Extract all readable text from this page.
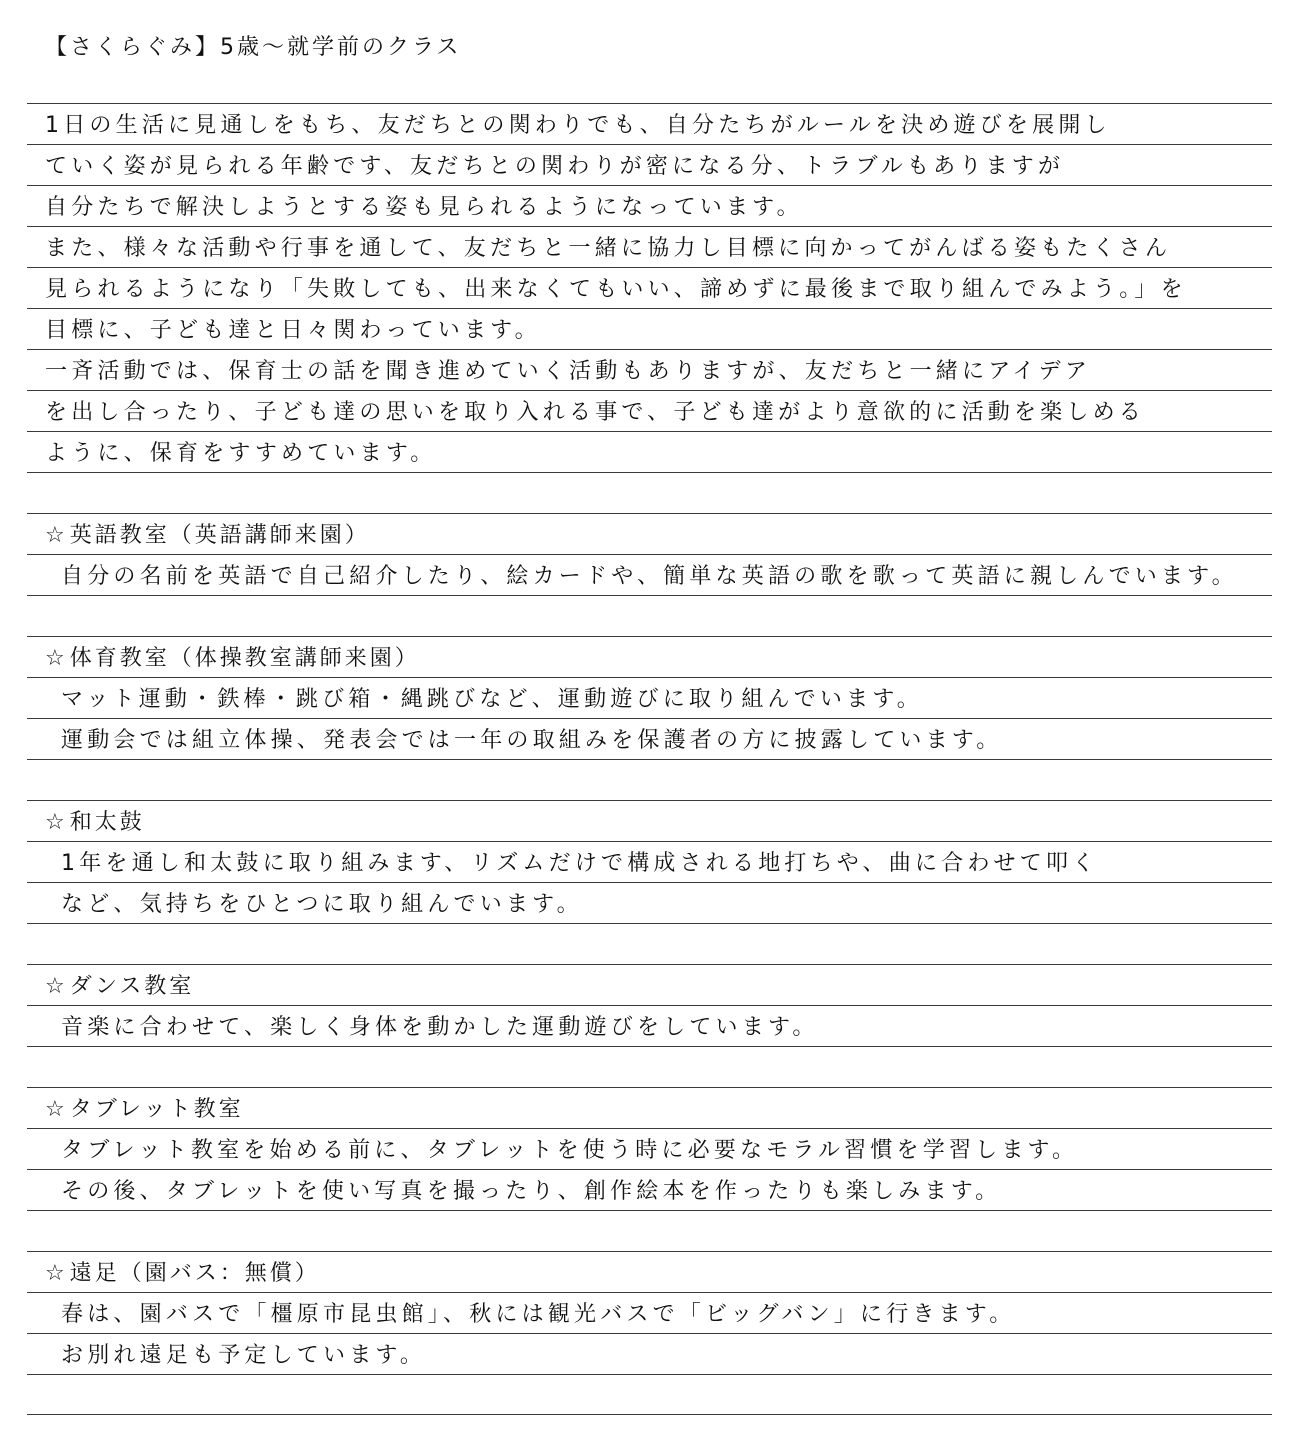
【さくらぐみ】5歳～就学前のクラス
1日の生活に見通しをもち、友だちとの関わりでも、自分たちがルールを決め遊びを展開し
ていく姿が見られる年齢です、友だちとの関わりが密になる分、トラブルもありますが
自分たちで解決しようとする姿も見られるようになっています。
また、様々な活動や行事を通して、友だちと一緒に協力し目標に向かってがんばる姿もたくさん
見られるようになり「失敗しても、出来なくてもいい、諦めずに最後まで取り組んでみよう。」を
目標に、子ども達と日々関わっています。
一斉活動では、保育士の話を聞き進めていく活動もありますが、友だちと一緒にアイデア
を出し合ったり、子ども達の思いを取り入れる事で、子ども達がより意欲的に活動を楽しめる
ように、保育をすすめています。
☆英語教室（英語講師来園）
自分の名前を英語で自己紹介したり、絵カードや、簡単な英語の歌を歌って英語に親しんでいます。
☆体育教室（体操教室講師来園）
マット運動・鉄棒・跳び箱・縄跳びなど、運動遊びに取り組んでいます。
運動会では組立体操、発表会では一年の取組みを保護者の方に披露しています。
☆和太鼓
1年を通し和太鼓に取り組みます、リズムだけで構成される地打ちや、曲に合わせて叩く
など、気持ちをひとつに取り組んでいます。
☆ダンス教室
音楽に合わせて、楽しく身体を動かした運動遊びをしています。
☆タブレット教室
タブレット教室を始める前に、タブレットを使う時に必要なモラル習慣を学習します。
その後、タブレットを使い写真を撮ったり、創作絵本を作ったりも楽しみます。
☆遠足（園バス：無償）
春は、園バスで「橿原市昆虫館」、秋には観光バスで「ビッグバン」に行きます。
お別れ遠足も予定しています。
